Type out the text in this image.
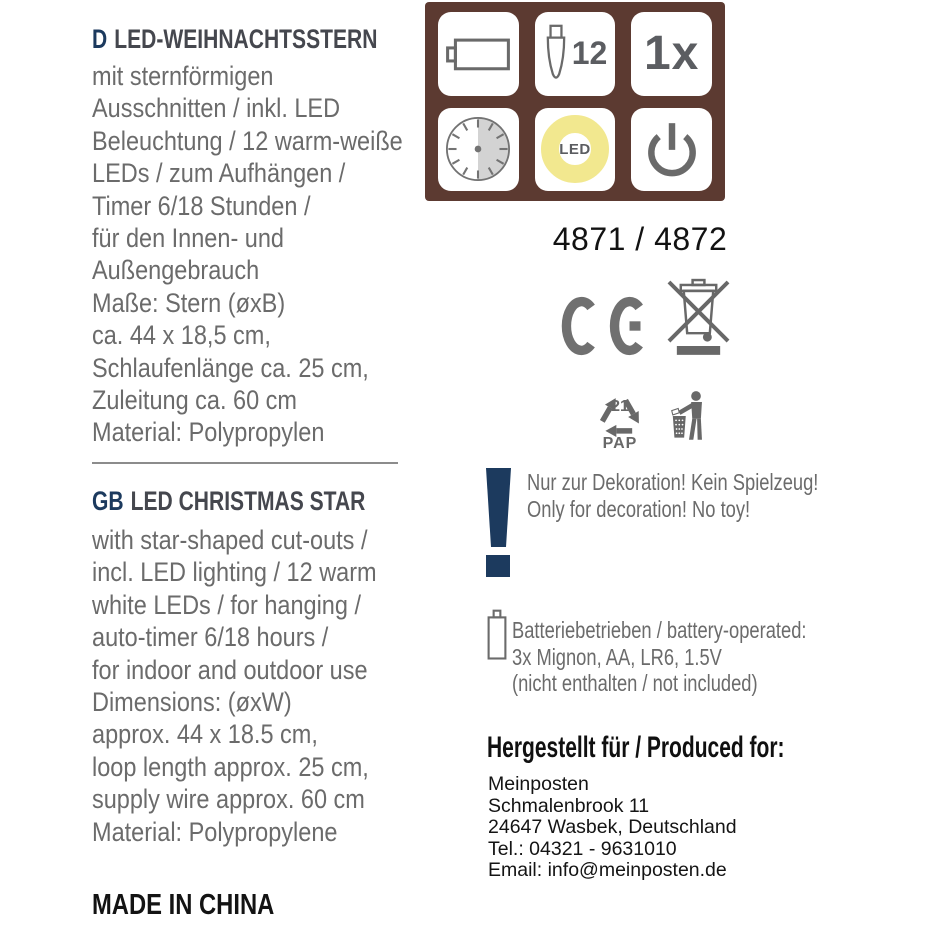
D LED-WEIHNACHTSSTERN
mit sternförmigen
Ausschnitten / inkl. LED
Beleuchtung / 12 warm-weiße
LEDs / zum Aufhängen /
Timer 6/18 Stunden /
für den Innen- und
Außengebrauch
Maße: Stern (øxB)
ca. 44 x 18,5 cm,
Schlaufenlänge ca. 25 cm,
Zuleitung ca. 60 cm
Material: Polypropylen
GB LED CHRISTMAS STAR
with star-shaped cut-outs /
incl. LED lighting / 12 warm
white LEDs / for hanging /
auto-timer 6/18 hours /
for indoor and outdoor use
Dimensions: (øxW)
approx. 44 x 18.5 cm,
loop length approx. 25 cm,
supply wire approx. 60 cm
Material: Polypropylene
MADE IN CHINA
12 1x
LED
4871 / 4872
21
PAP
Nur zur Dekoration! Kein Spielzeug!
Only for decoration! No toy!
Batteriebetrieben / battery-operated:
3x Mignon, AA, LR6, 1.5V
(nicht enthalten / not included)
Hergestellt für / Produced for:
Meinposten
Schmalenbrook 11
24647 Wasbek, Deutschland
Tel.: 04321 - 9631010
Email: info@meinposten.de
